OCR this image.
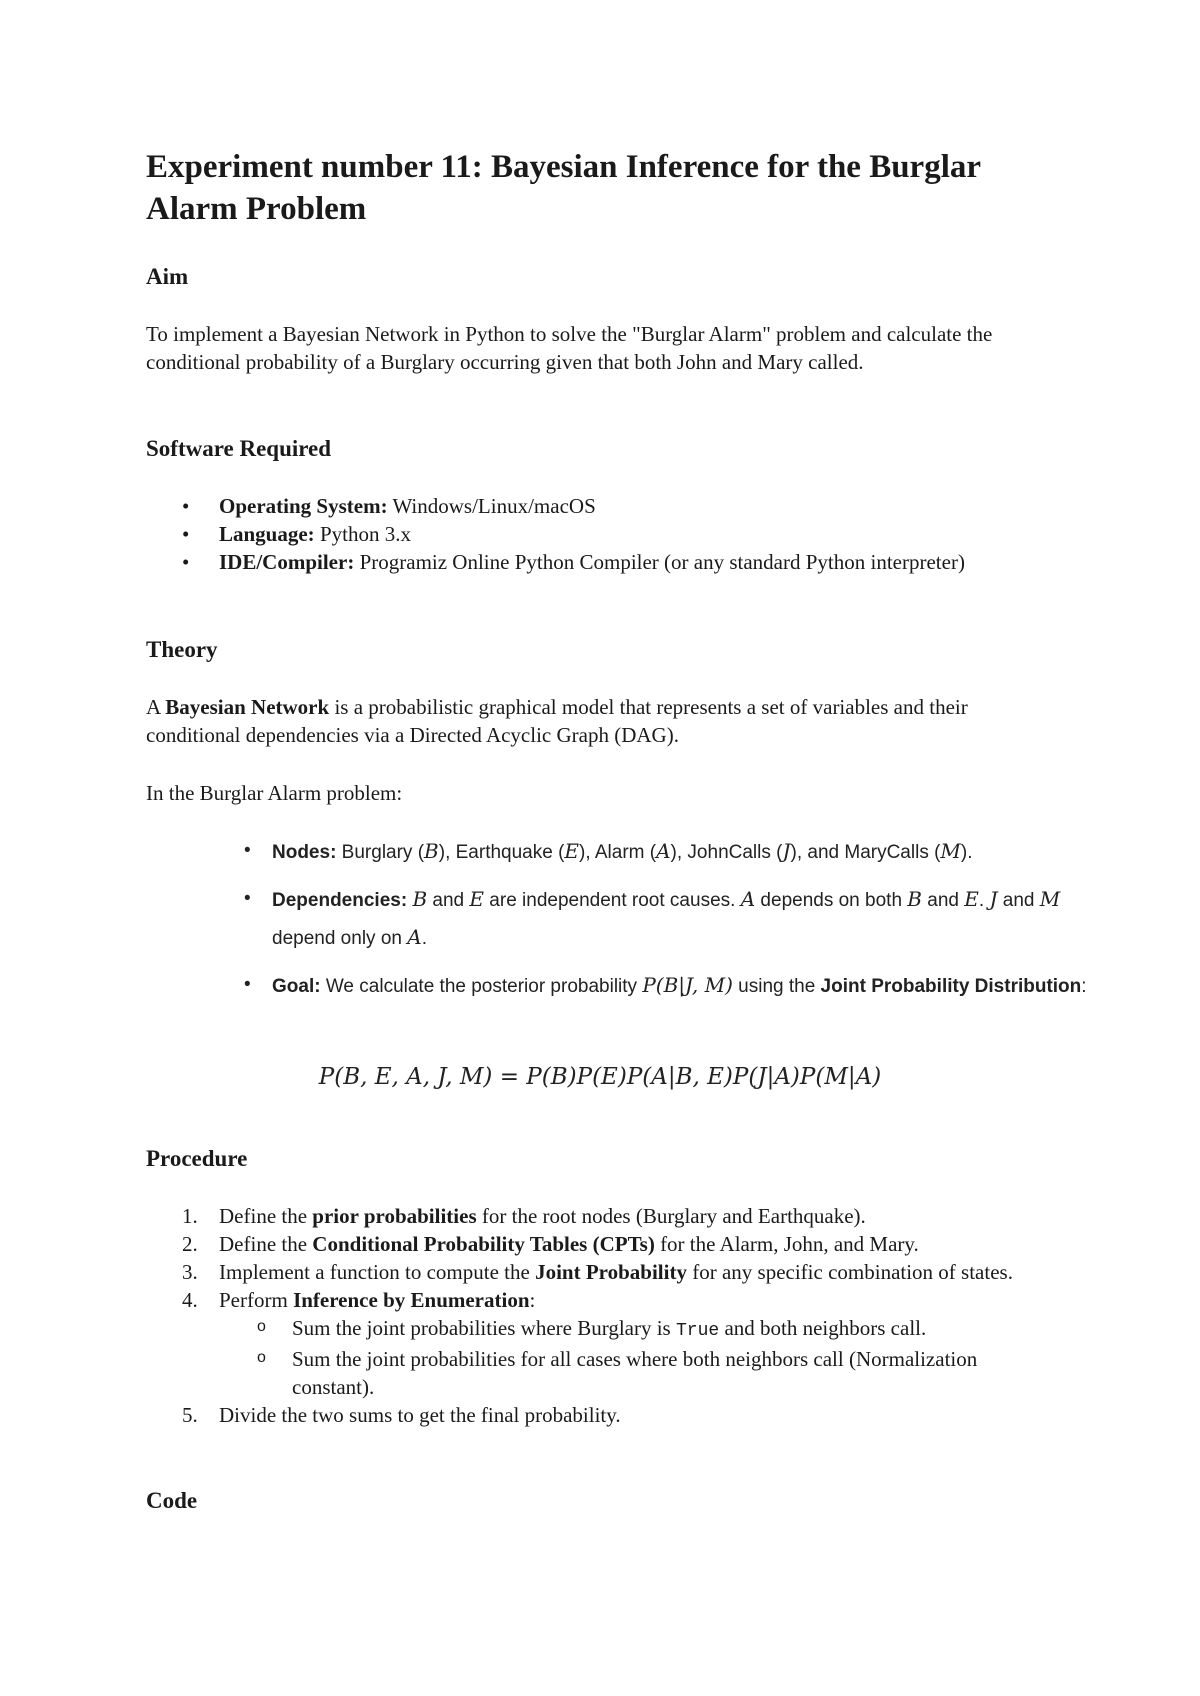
Experiment number 11: Bayesian Inference for the Burglar Alarm Problem
Aim

To implement a Bayesian Network in Python to solve the "Burglar Alarm" problem and calculate the conditional probability of a Burglary occurring given that both John and Mary called.

Software Required
• Operating System: Windows/Linux/macOS
• Language: Python 3.x
• IDE/Compiler: Programiz Online Python Compiler (or any standard Python interpreter)
Theory

A Bayesian Network is a probabilistic graphical model that represents a set of variables and their conditional dependencies via a Directed Acyclic Graph (DAG).

In the Burglar Alarm problem:

• Nodes: Burglary (B), Earthquake (E), Alarm (A), JohnCalls (J), and MaryCalls (M).
• Dependencies: B and E are independent root causes. A depends on both B and E. J and M depend only on A.
• Goal: We calculate the posterior probability P(B|J, M) using the Joint Probability Distribution:
P(B, E, A, J, M) = P(B)P(E)P(A|B, E)P(J|A)P(M|A)
Procedure
1. Define the prior probabilities for the root nodes (Burglary and Earthquake).
2. Define the Conditional Probability Tables (CPTs) for the Alarm, John, and Mary.
3. Implement a function to compute the Joint Probability for any specific combination of states.
4. Perform Inference by Enumeration:
o Sum the joint probabilities where Burglary is True and both neighbors call.
o Sum the joint probabilities for all cases where both neighbors call (Normalization constant).
5. Divide the two sums to get the final probability.
Code
